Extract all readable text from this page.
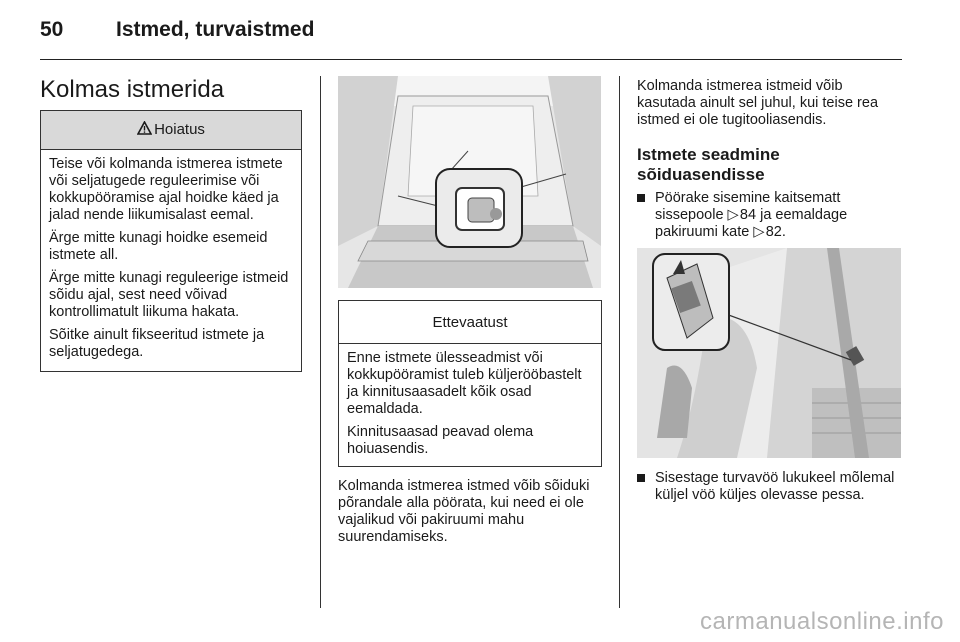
50	Istmed, turvaistmed
Kolmas istmerida
Hoiatus

Teise või kolmanda istmerea istmete või seljatugede reguleerimise või kokkupööramise ajal hoidke käed ja jalad nende liikumisalast eemal.

Ärge mitte kunagi hoidke esemeid istmete all.

Ärge mitte kunagi reguleerige istmeid sõidu ajal, sest need võivad kontrollimatult liikuma hakata.

Sõitke ainult fikseeritud istmete ja seljatugedega.

Ettevaatust

Enne istmete ülesseadmist või kokkupööramist tuleb küljerööbastelt ja kinnitusaasadelt kõik osad eemaldada.

Kinnitusaasad peavad olema hoiuasendis.

Kolmanda istmerea istmed võib sõiduki põrandale alla pöörata, kui need ei ole vajalikud või pakiruumi mahu suurendamiseks.

Kolmanda istmerea istmeid võib kasutada ainult sel juhul, kui teise rea istmed ei ole tugitooliasendis.

Istmete seadmine sõiduasendisse
Pöörake sisemine kaitsematt sissepoole ▷ 84 ja eemaldage pakiruumi kate ▷ 82.
Sisestage turvavöö lukukeel mõlemal küljel vöö küljes olevasse pessa.
carmanualsonline.info
